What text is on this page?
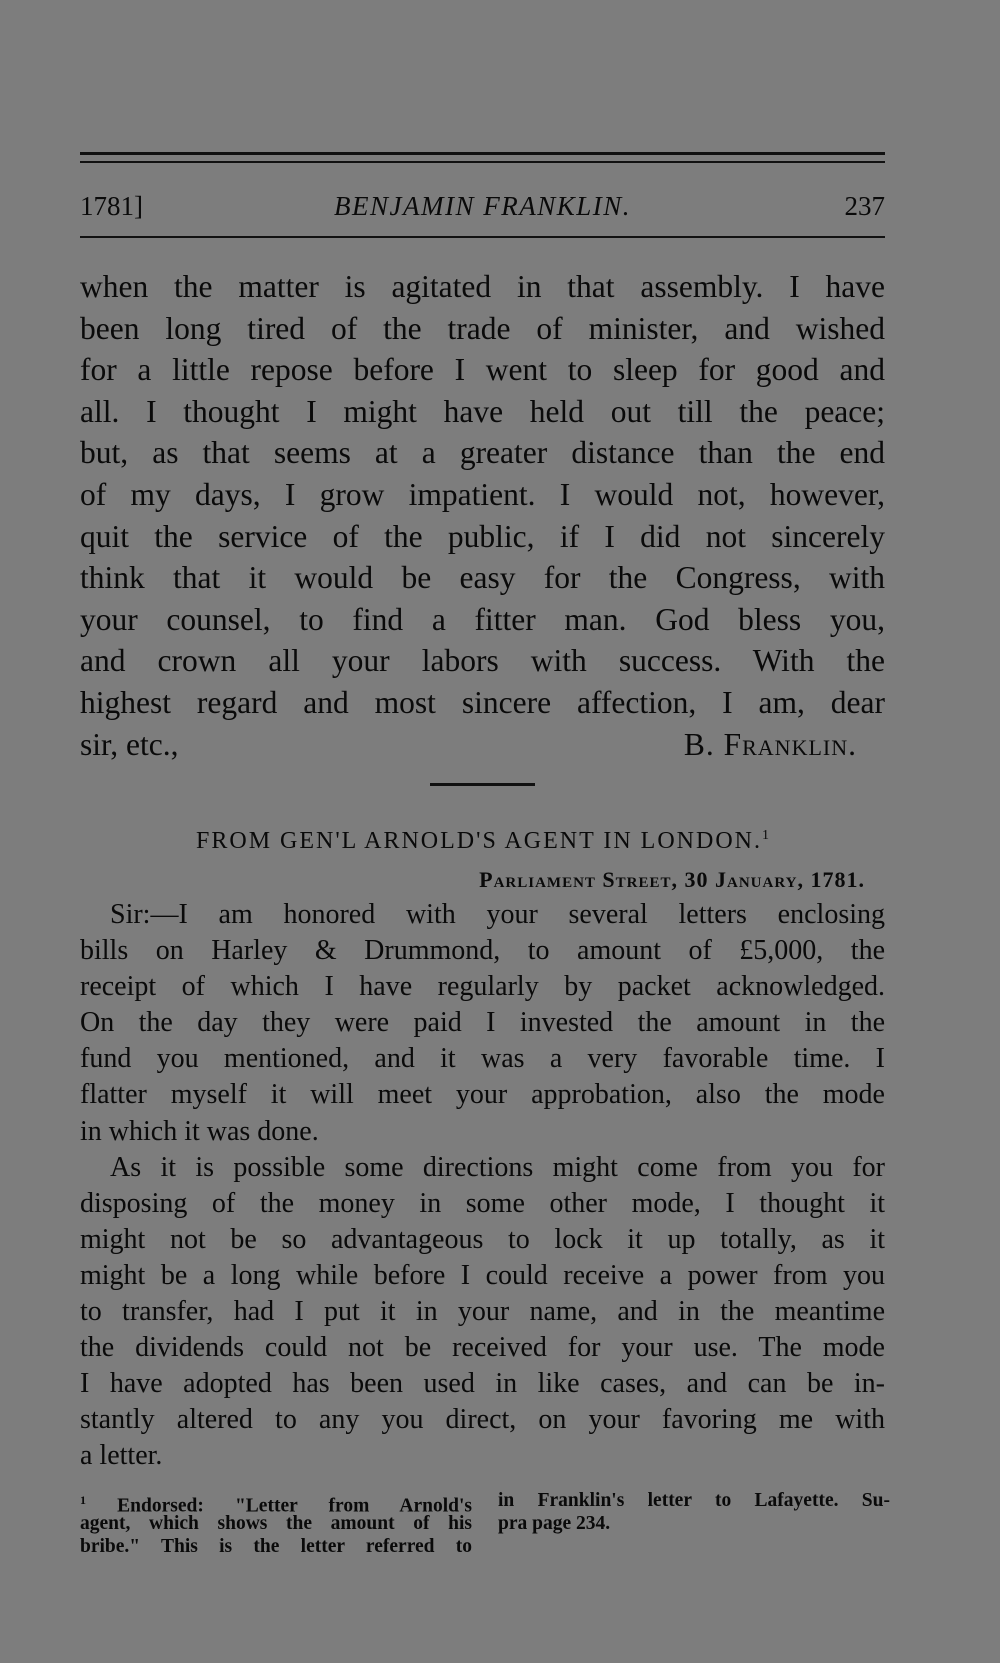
1781]	BENJAMIN FRANKLIN.	237
when the matter is agitated in that assembly. I have
been long tired of the trade of minister, and wished
for a little repose before I went to sleep for good and
all. I thought I might have held out till the peace;
but, as that seems at a greater distance than the end
of my days, I grow impatient. I would not, however,
quit the service of the public, if I did not sincerely
think that it would be easy for the Congress, with
your counsel, to find a fitter man. God bless you,
and crown all your labors with success. With the
highest regard and most sincere affection, I am, dear
sir, etc.,	B. Franklin.
FROM GEN'L ARNOLD'S AGENT IN LONDON.$^1$
Parliament Street, 30 January, 1781.
Sir:—I am honored with your several letters enclosing
bills on Harley & Drummond, to amount of £5,000, the
receipt of which I have regularly by packet acknowledged.
On the day they were paid I invested the amount in the
fund you mentioned, and it was a very favorable time. I
flatter myself it will meet your approbation, also the mode
in which it was done.
As it is possible some directions might come from you for
disposing of the money in some other mode, I thought it
might not be so advantageous to lock it up totally, as it
might be a long while before I could receive a power from you
to transfer, had I put it in your name, and in the meantime
the dividends could not be received for your use. The mode
I have adopted has been used in like cases, and can be in-
stantly altered to any you direct, on your favoring me with
a letter.
$^1$ Endorsed: "Letter from Arnold's
agent, which shows the amount of his
bribe." This is the letter referred to
in Franklin's letter to Lafayette. Su-
pra page 234.
